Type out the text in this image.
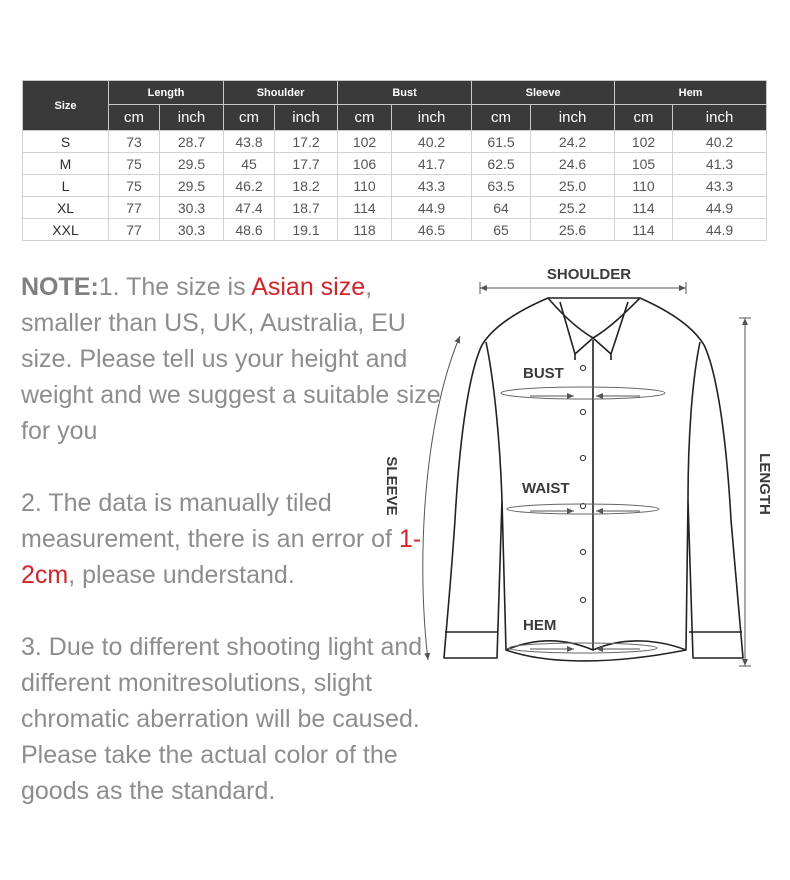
Size	Length		Shoulder		Bust		Sleeve		Hem	
	cm	inch	cm	inch	cm	inch	cm	inch	cm	inch
S	73	28.7	43.8	17.2	102	40.2	61.5	24.2	102	40.2
M	75	29.5	45	17.7	106	41.7	62.5	24.6	105	41.3
L	75	29.5	46.2	18.2	110	43.3	63.5	25.0	110	43.3
XL	77	30.3	47.4	18.7	114	44.9	64	25.2	114	44.9
XXL	77	30.3	48.6	19.1	118	46.5	65	25.6	114	44.9

NOTE:1. The size is Asian size, smaller than US, UK, Australia, EU size. Please tell us your height and weight and we suggest a suitable size for you

2. The data is manually tiled measurement, there is an error of 1-2cm, please understand.

3. Due to different shooting light and different monitresolutions, slight chromatic aberration will be caused. Please take the actual color of the goods as the standard.

SHOULDER
BUST
WAIST
HEM
SLEEVE	LENGTH
